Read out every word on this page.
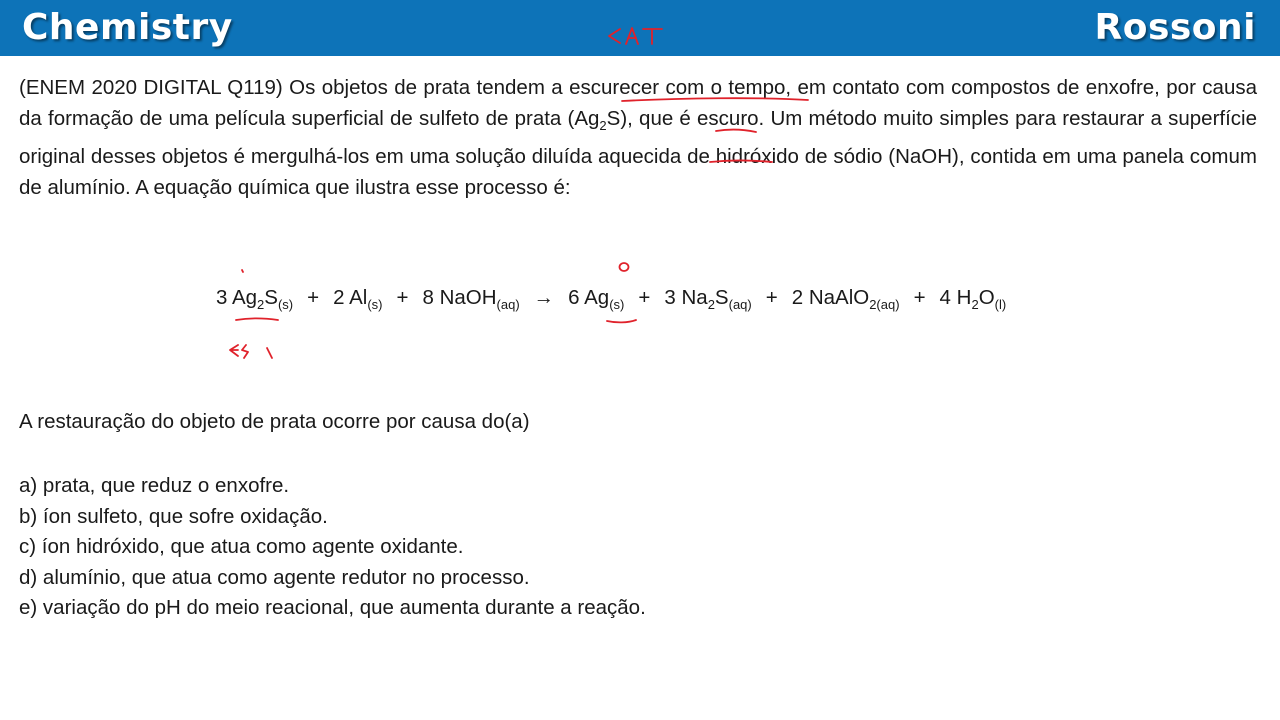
Chemistry	Rossoni
(ENEM 2020 DIGITAL Q119) Os objetos de prata tendem a escurecer com o tempo, em contato com compostos de enxofre, por causa da formação de uma película superficial de sulfeto de prata $(Ag_2S)$, que é escuro. Um método muito simples para restaurar a superfície original desses objetos é mergulhá-los em uma solução diluída aquecida de hidróxido de sódio (NaOH), contida em uma panela comum de alumínio. A equação química que ilustra esse processo é:
3 $Ag_2S_{(s)} + 2$ $Al_{(s)} + 8$ NaOH$_{(aq)}$ → 6 $Ag_{(s)} + 3$ $Na_2S_{(aq)} + 2$ NaAlO$_{2(aq)}$ + 4 $H_2O_{(l)}$
A restauração do objeto de prata ocorre por causa do(a)
a) prata, que reduz o enxofre.
b) íon sulfeto, que sofre oxidação.
c) íon hidróxido, que atua como agente oxidante.
d) alumínio, que atua como agente redutor no processo.
e) variação do pH do meio reacional, que aumenta durante a reação.
